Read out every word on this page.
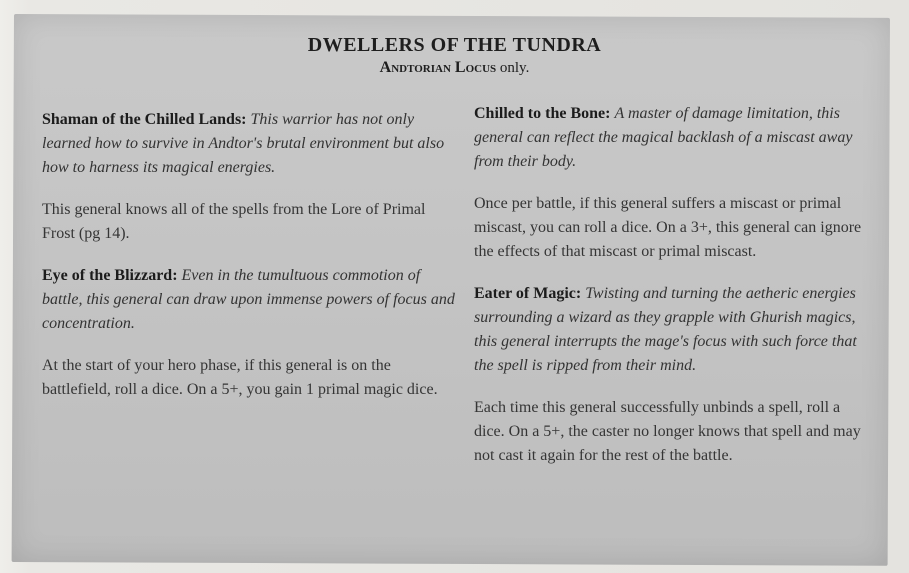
DWELLERS OF THE TUNDRA
Andtorian Locus only.

Shaman of the Chilled Lands: This warrior has not only learned how to survive in Andtor's brutal environment but also how to harness its magical energies.

This general knows all of the spells from the Lore of Primal Frost (pg 14).

Eye of the Blizzard: Even in the tumultuous commotion of battle, this general can draw upon immense powers of focus and concentration.

At the start of your hero phase, if this general is on the battlefield, roll a dice. On a 5+, you gain 1 primal magic dice.

Chilled to the Bone: A master of damage limitation, this general can reflect the magical backlash of a miscast away from their body.

Once per battle, if this general suffers a miscast or primal miscast, you can roll a dice. On a 3+, this general can ignore the effects of that miscast or primal miscast.

Eater of Magic: Twisting and turning the aetheric energies surrounding a wizard as they grapple with Ghurish magics, this general interrupts the mage's focus with such force that the spell is ripped from their mind.

Each time this general successfully unbinds a spell, roll a dice. On a 5+, the caster no longer knows that spell and may not cast it again for the rest of the battle.
